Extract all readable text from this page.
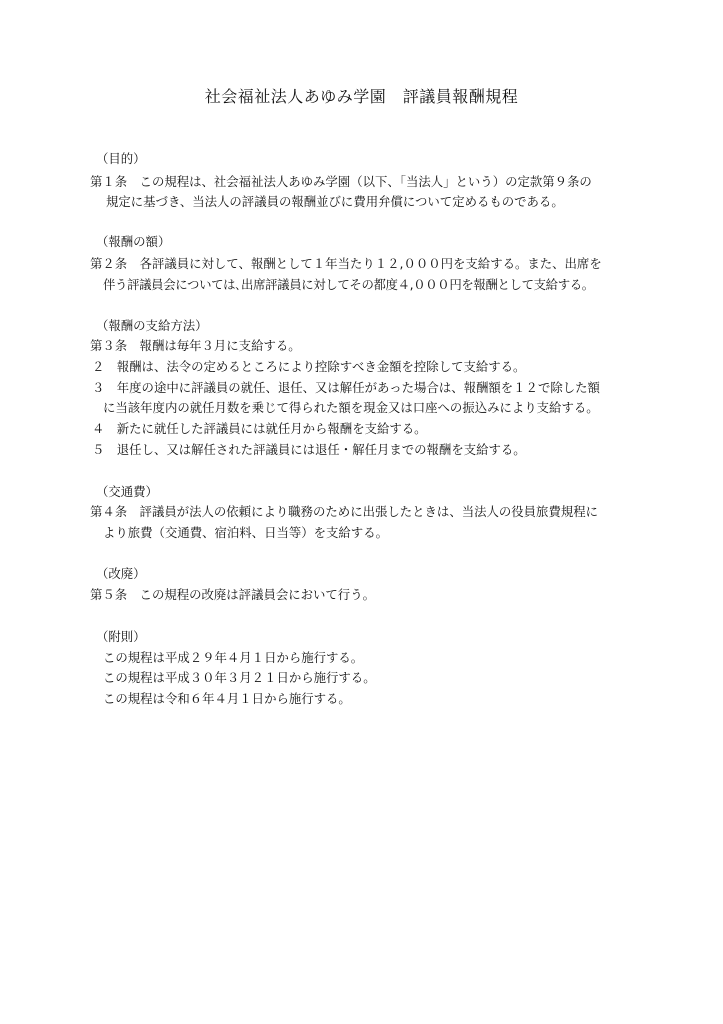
社会福祉法人あゆみ学園　評議員報酬規程
（目的）
第１条　この規程は、社会福祉法人あゆみ学園（以下、「当法人」という）の定款第９条の
規定に基づき、当法人の評議員の報酬並びに費用弁償について定めるものである。
（報酬の額）
第２条　各評議員に対して、報酬として１年当たり１２,０００円を支給する。また、出席を
伴う評議員会については､出席評議員に対してその都度４,０００円を報酬として支給する。
（報酬の支給方法）
第３条　報酬は毎年３月に支給する。
２　報酬は、法令の定めるところにより控除すべき金額を控除して支給する。
３　年度の途中に評議員の就任、退任、又は解任があった場合は、報酬額を１２で除した額
に当該年度内の就任月数を乗じて得られた額を現金又は口座への振込みにより支給する。
４　新たに就任した評議員には就任月から報酬を支給する。
５　退任し、又は解任された評議員には退任・解任月までの報酬を支給する。
（交通費）
第４条　評議員が法人の依頼により職務のために出張したときは、当法人の役員旅費規程に
より旅費（交通費、宿泊料、日当等）を支給する。
（改廃）
第５条　この規程の改廃は評議員会において行う。
（附則）
この規程は平成２９年４月１日から施行する。
この規程は平成３０年３月２１日から施行する。
この規程は令和６年４月１日から施行する。
